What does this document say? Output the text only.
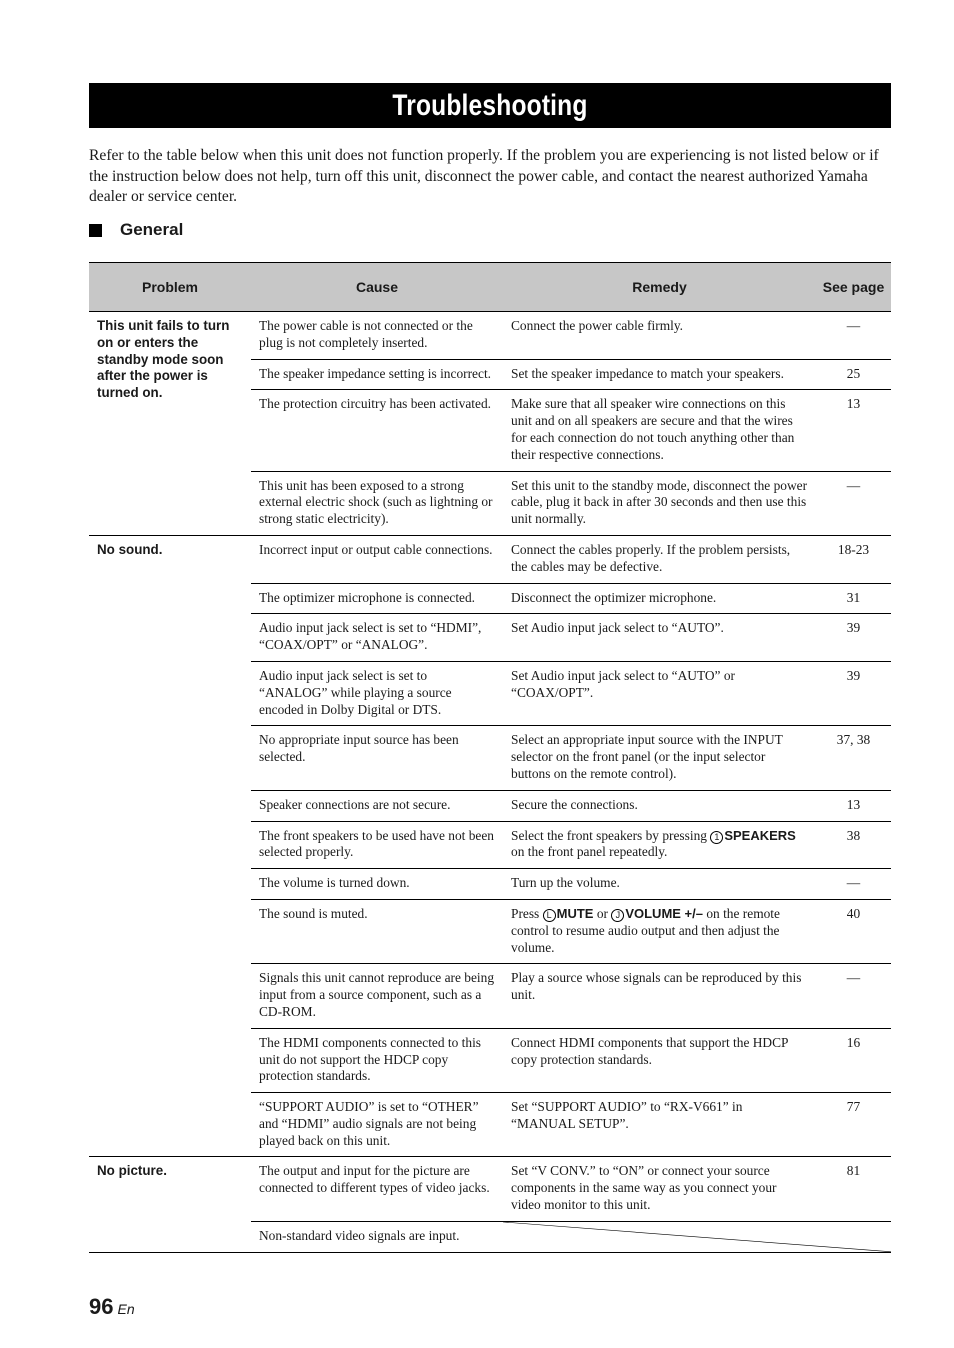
Troubleshooting

Refer to the table below when this unit does not function properly. If the problem you are experiencing is not listed below or if the instruction below does not help, turn off this unit, disconnect the power cable, and contact the nearest authorized Yamaha dealer or service center.

General
Problem	Cause	Remedy	See page
This unit fails to turn on or enters the standby mode soon after the power is turned on.	The power cable is not connected or the plug is not completely inserted.	Connect the power cable firmly.	—
	The speaker impedance setting is incorrect.	Set the speaker impedance to match your speakers.	25
	The protection circuitry has been activated.	Make sure that all speaker wire connections on this unit and on all speakers are secure and that the wires for each connection do not touch anything other than their respective connections.	13
	This unit has been exposed to a strong external electric shock (such as lightning or strong static electricity).	Set this unit to the standby mode, disconnect the power cable, plug it back in after 30 seconds and then use this unit normally.	—
No sound.	Incorrect input or output cable connections.	Connect the cables properly. If the problem persists, the cables may be defective.	18-23
	The optimizer microphone is connected.	Disconnect the optimizer microphone.	31
	Audio input jack select is set to “HDMI”, “COAX/OPT” or “ANALOG”.	Set Audio input jack select to “AUTO”.	39
	Audio input jack select is set to “ANALOG” while playing a source encoded in Dolby Digital or DTS.	Set Audio input jack select to “AUTO” or “COAX/OPT”.	39
	No appropriate input source has been selected.	Select an appropriate input source with the INPUT selector on the front panel (or the input selector buttons on the remote control).	37, 38
	Speaker connections are not secure.	Secure the connections.	13
	The front speakers to be used have not been selected properly.	Select the front speakers by pressing 1 SPEAKERS on the front panel repeatedly.	38
	The volume is turned down.	Turn up the volume.	—
	The sound is muted.	Press L MUTE or J VOLUME +/– on the remote control to resume audio output and then adjust the volume.	40
	Signals this unit cannot reproduce are being input from a source component, such as a CD-ROM.	Play a source whose signals can be reproduced by this unit.	—
	The HDMI components connected to this unit do not support the HDCP copy protection standards.	Connect HDMI components that support the HDCP copy protection standards.	16
	“SUPPORT AUDIO” is set to “OTHER” and “HDMI” audio signals are not being played back on this unit.	Set “SUPPORT AUDIO” to “RX-V661” in “MANUAL SETUP”.	77
No picture.	The output and input for the picture are connected to different types of video jacks.	Set “V CONV.” to “ON” or connect your source components in the same way as you connect your video monitor to this unit.	81
	Non-standard video signals are input.	
96 En
